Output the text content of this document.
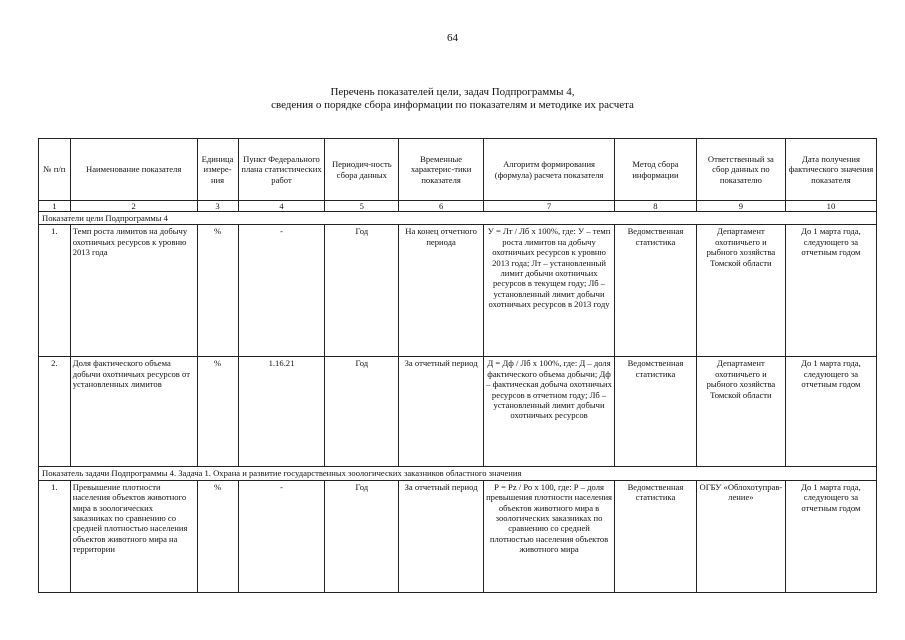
64
Перечень показателей цели, задач Подпрограммы 4,
сведения о порядке сбора информации по показателям и методике их расчета
№ п/п	Наименование показателя	Единица измере-ния	Пункт Федерального плана статистических работ	Периодич-ность сбора данных	Временные характерис-тики показателя	Алгоритм формирования (формула) расчета показателя	Метод сбора информации	Ответственный за сбор данных по показателю	Дата получения фактического значения показателя
1	2	3	4	5	6	7	8	9	10
Показатели цели Подпрограммы 4									
1.	Темп роста лимитов на добычу охотничьих ресурсов к уровню 2013 года	%	-	Год	На конец отчетного периода	У = Лт / Лб х 100%, где: У – темп роста лимитов на добычу охотничьих ресурсов к уровню 2013 года; Лт – установленный лимит добычи охотничьих ресурсов в текущем году; Лб – установленный лимит добычи охотничьих ресурсов в 2013 году	Ведомственная статистика	Департамент охотничьего и рыбного хозяйства Томской области	До 1 марта года, следующего за отчетным годом
2.	Доля фактического объема добычи охотничьих ресурсов от установленных лимитов	%	1.16.21	Год	За отчетный период	Д = Дф / Лб х 100%, где: Д – доля фактического объема добычи; Дф – фактическая добыча охотничьих ресурсов в отчетном году; Лб – установленный лимит добычи охотничьих ресурсов	Ведомственная статистика	Департамент охотничьего и рыбного хозяйства Томской области	До 1 марта года, следующего за отчетным годом
Показатель задачи Подпрограммы 4. Задача 1. Охрана и развитие государственных зоологических заказников областного значения									
1.	Превышение плотности населения объектов животного мира в зоологических заказниках по сравнению со средней плотностью населения объектов животного мира на территории	%	-	Год	За отчетный период	Р = Pz / Ро х 100, где: Р – доля превышения плотности населения объектов животного мира в зоологических заказниках по сравнению со средней плотностью населения объектов животного мира	Ведомственная статистика	ОГБУ «Облохотуправ-ление»	До 1 марта года, следующего за отчетным годом
